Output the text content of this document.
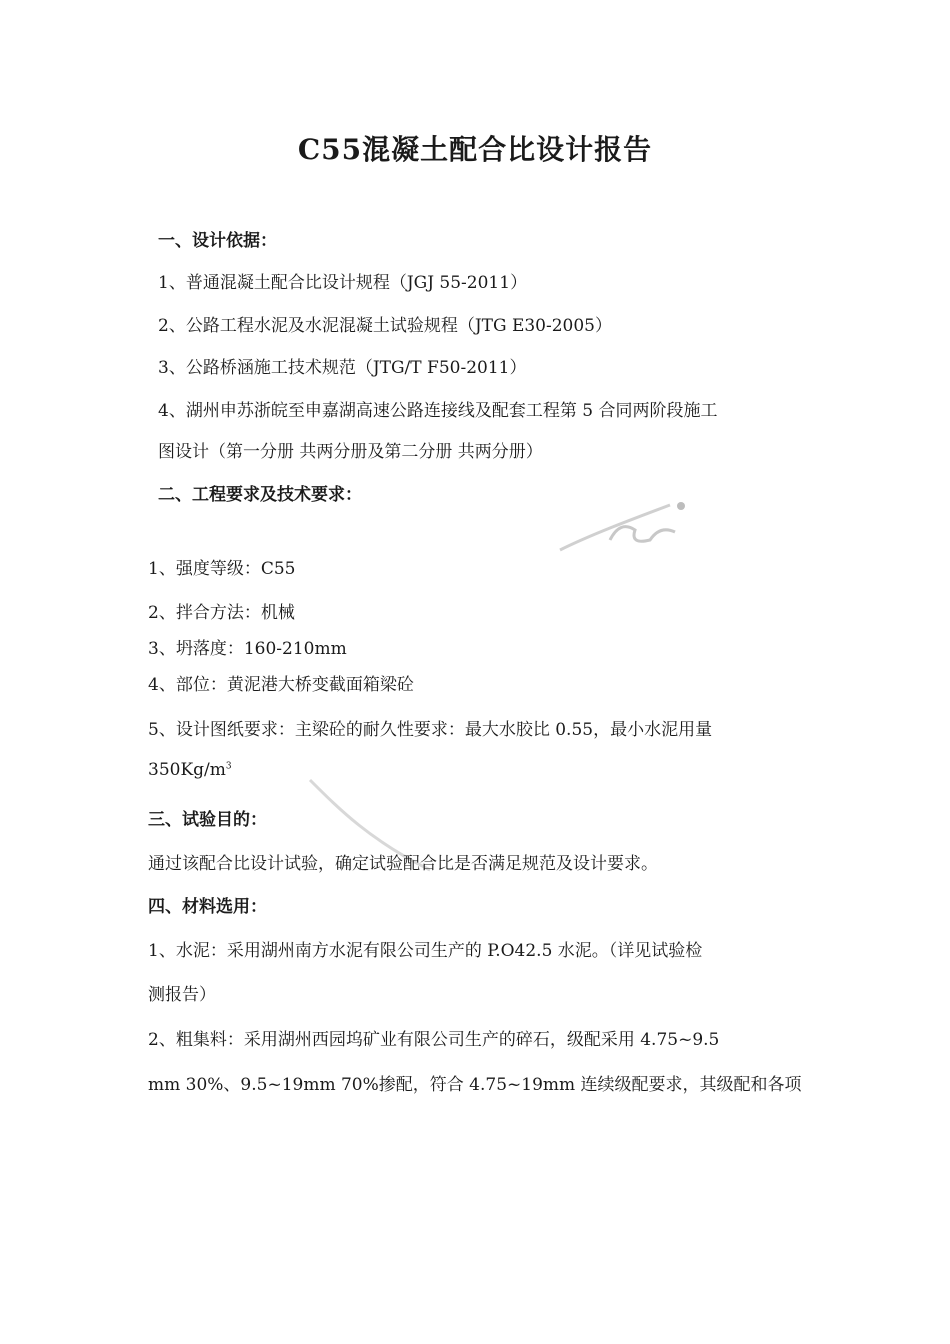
C55混凝土配合比设计报告
一、设计依据：
1、普通混凝土配合比设计规程（JGJ 55-2011）
2、公路工程水泥及水泥混凝土试验规程（JTG E30-2005）
3、公路桥涵施工技术规范（JTG/T F50-2011）
4、湖州申苏浙皖至申嘉湖高速公路连接线及配套工程第 5 合同两阶段施工
图设计（第一分册 共两分册及第二分册 共两分册）
二、工程要求及技术要求：
1、强度等级：C55
2、拌合方法：机械
3、坍落度：160-210mm
4、部位：黄泥港大桥变截面箱梁砼
5、设计图纸要求：主梁砼的耐久性要求：最大水胶比 0.55，最小水泥用量
$350Kg/m^3$
三、试验目的：
通过该配合比设计试验，确定试验配合比是否满足规范及设计要求。
四、材料选用：
1、水泥：采用湖州南方水泥有限公司生产的 P.O42.5 水泥。（详见试验检
测报告）
2、粗集料：采用湖州西园坞矿业有限公司生产的碎石，级配采用 4.75~9.5
mm 30%、9.5~19mm 70%掺配，符合 4.75~19mm 连续级配要求，其级配和各项
